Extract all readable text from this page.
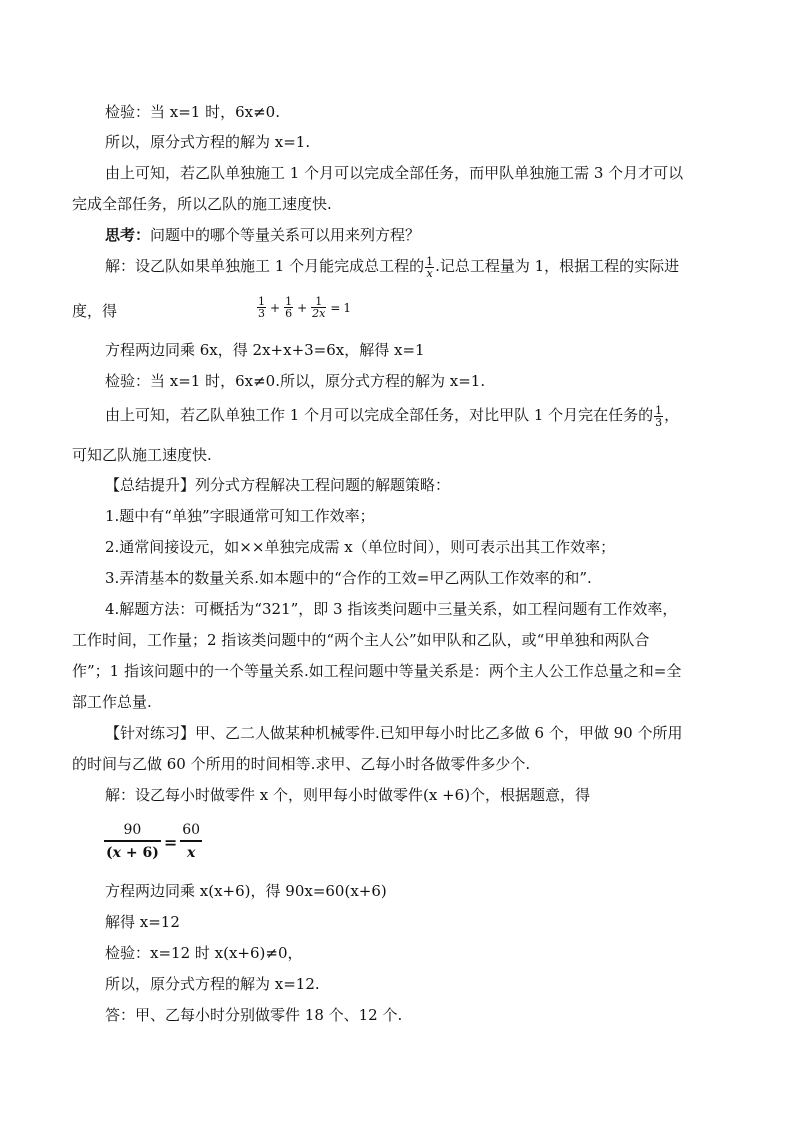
检验：当 x=1 时，6x≠0.
所以，原分式方程的解为 x=1.
由上可知，若乙队单独施工 1 个月可以完成全部任务，而甲队单独施工需 3 个月才可以
完成全部任务，所以乙队的施工速度快.
思考：问题中的哪个等量关系可以用来列方程？
解：设乙队如果单独施工 1 个月能完成总工程的 $\frac{1}{x}$ .记总工程量为 1，根据工程的实际进
度，得	$\frac{1}{3} + \frac{1}{6} + \frac{1}{2x} = 1$
方程两边同乘 6x，得 2x+x+3=6x，解得 x=1
检验：当 x=1 时，6x≠0.所以，原分式方程的解为 x=1.
由上可知，若乙队单独工作 1 个月可以完成全部任务，对比甲队 1 个月完在任务的 $\frac{1}{3}$ ，
可知乙队施工速度快.
【总结提升】列分式方程解决工程问题的解题策略：
1.题中有“单独”字眼通常可知工作效率；
2.通常间接设元，如××单独完成需 x（单位时间），则可表示出其工作效率；
3.弄清基本的数量关系.如本题中的“合作的工效=甲乙两队工作效率的和”.
4.解题方法：可概括为“321”，即 3 指该类问题中三量关系，如工程问题有工作效率，
工作时间，工作量；2 指该类问题中的“两个主人公”如甲队和乙队，或“甲单独和两队合
作”；1 指该问题中的一个等量关系.如工程问题中等量关系是：两个主人公工作总量之和=全
部工作总量.
【针对练习】甲、乙二人做某种机械零件.已知甲每小时比乙多做 6 个，甲做 90 个所用
的时间与乙做 60 个所用的时间相等.求甲、乙每小时各做零件多少个.
解：设乙每小时做零件 x 个，则甲每小时做零件(x +6)个，根据题意，得
$\frac{90}{(x + 6)} = \frac{60}{x}$
方程两边同乘 x(x+6)，得 90x=60(x+6)
解得 x=12
检验：x=12 时 x(x+6)≠0，
所以，原分式方程的解为 x=12.
答：甲、乙每小时分别做零件 18 个、12 个.
